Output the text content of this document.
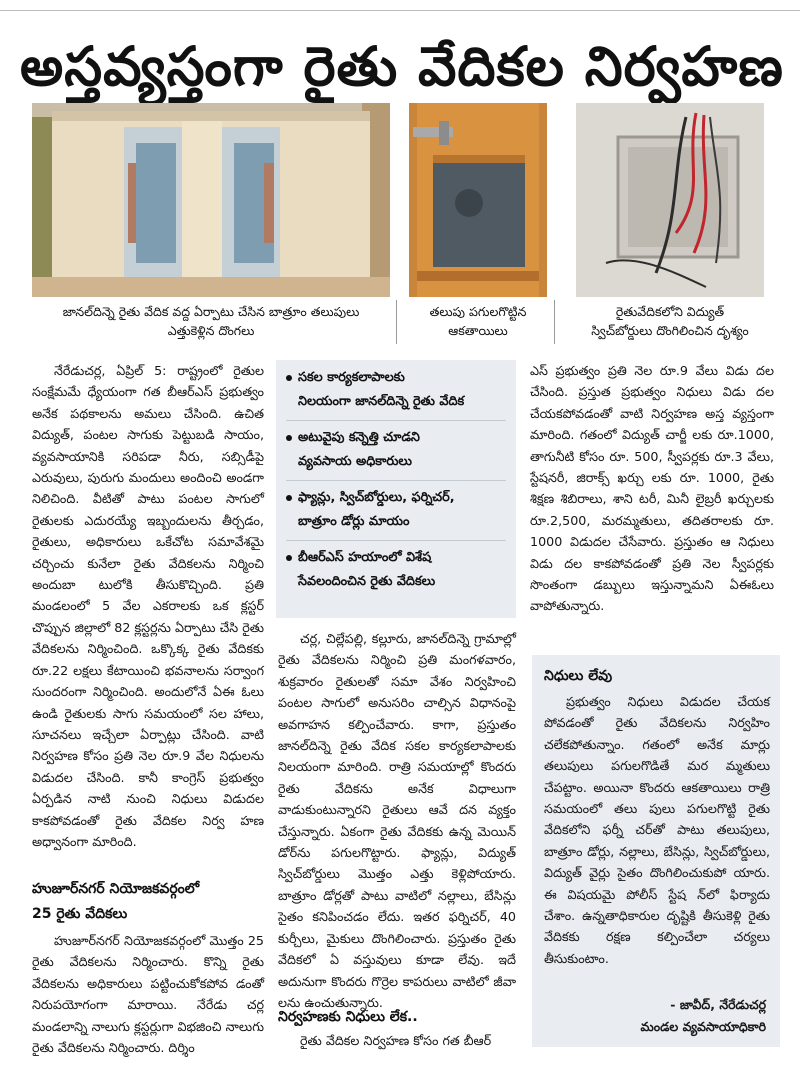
అస్తవ్యస్తంగా రైతు వేదికల నిర్వహణ
జానల్‌దిన్నె రైతు వేదిక వద్ద ఏర్పాటు చేసిన బాత్రూం తలుపులు
ఎత్తుకెళ్లిన దొంగలు
తలుపు పగులగొట్టిన
ఆకతాయిలు
రైతువేదికలోని విద్యుత్
స్విచ్‌బోర్డులు దొంగిలించిన దృశ్యం

నేరేడుచర్ల, ఏప్రిల్ 5: రాష్ట్రంలో రైతుల సంక్షేమమే ధ్యేయంగా గత బీఆర్‌ఎస్ ప్రభుత్వం అనేక పథకాలను అమలు చేసింది. ఉచిత విద్యుత్, పంటల సాగుకు పెట్టుబడి సాయం, వ్యవసాయానికి సరిపడా నీరు, సబ్సిడీపై ఎరువులు, పురుగు మందులు అందించి అండగా నిలిచింది. వీటితో పాటు పంటల సాగులో రైతులకు ఎదురయ్యే ఇబ్బందులను తీర్చడం, రైతులు, అధికారులు ఒకేచోట సమావేశమై చర్చించు కునేలా రైతు వేదికలను నిర్మించి అందుబా టులోకి తీసుకొచ్చింది. ప్రతి మండలంలో 5 వేల ఎకరాలకు ఒక క్లస్టర్ చొప్పున జిల్లాలో 82 క్లస్టర్లను ఏర్పాటు చేసి రైతు వేదికలను నిర్మించింది. ఒక్కొక్క రైతు వేదికకు రూ.22 లక్షలు కేటాయించి భవనాలను సర్వాంగ సుందరంగా నిర్మించింది. అందులోనే ఏఈ ఓలు ఉండి రైతులకు సాగు సమయంలో సల హాలు, సూచనలు ఇచ్చేలా ఏర్పాట్లు చేసింది. వాటి నిర్వహణ కోసం ప్రతి నెల రూ.9 వేల నిధులను విడుదల చేసింది. కానీ కాంగ్రెస్ ప్రభుత్వం ఏర్పడిన నాటి నుంచి నిధులు విడుదల కాకపోవడంతో రైతు వేదికల నిర్వ హణ అధ్వానంగా మారింది.

హుజూర్‌నగర్ నియోజకవర్గంలో
25 రైతు వేదికలు

హుజూర్‌నగర్ నియోజకవర్గంలో మొత్తం 25 రైతు వేదికలను నిర్మించారు. కొన్ని రైతు వేదికలను అధికారులు పట్టించుకోకపోవ డంతో నిరుపయోగంగా మారాయి. నేరేడు చర్ల మండలాన్ని నాలుగు క్లస్టర్లుగా విభజించి నాలుగు రైతు వేదికలను నిర్మించారు. దిర్శిం

సకల కార్యకలాపాలకు
నిలయంగా జానల్‌దిన్నె రైతు వేదిక
అటువైపు కన్నెత్తి చూడని
వ్యవసాయ అధికారులు
ఫ్యాన్లు, స్విచ్‌బోర్డులు, ఫర్నిచర్,
బాత్రూం డోర్లు మాయం
బీఆర్‌ఎస్ హయాంలో విశేష
సేవలందించిన రైతు వేదికలు

చర్ల, చిల్లేపల్లి, కల్లూరు, జానల్‌దిన్నె గ్రామాల్లో రైతు వేదికలను నిర్మించి ప్రతి మంగళవారం, శుక్రవారం రైతులతో సమా వేశం నిర్వహించి పంటల సాగులో అనుసరిం చాల్సిన విధానంపై అవగాహన కల్పించేవారు. కాగా, ప్రస్తుతం జానల్‌దిన్నె రైతు వేదిక సకల కార్యకలాపాలకు నిలయంగా మారింది. రాత్రి సమయాల్లో కొందరు రైతు వేదికను అనేక విధాలుగా వాడుకుంటున్నారని రైతులు ఆవే దన వ్యక్తం చేస్తున్నారు. ఏకంగా రైతు వేదికకు ఉన్న మెయిన్ డోర్‌ను పగులగొట్టారు. ఫ్యాన్లు, విద్యుత్ స్విచ్‌బోర్డులు మొత్తం ఎత్తు కెళ్లిపోయారు. బాత్రూం డోర్లతో పాటు వాటిలో నల్లాలు, బేసిన్లు సైతం కనిపించడం లేదు. ఇతర ఫర్నిచర్, 40 కుర్చీలు, మైకులు దొంగిలించారు. ప్రస్తుతం రైతు వేదికలో ఏ వస్తువులు కూడా లేవు. ఇదే అదునుగా కొందరు గొర్రెల కాపరులు వాటిలో జీవా లను ఉంచుతున్నారు.

నిర్వహణకు నిధులు లేక..

రైతు వేదికల నిర్వహణ కోసం గత బీఆర్

ఎస్ ప్రభుత్వం ప్రతి నెల రూ.9 వేలు విడు దల చేసింది. ప్రస్తుత ప్రభుత్వం నిధులు విడు దల చేయకపోవడంతో వాటి నిర్వహణ అస్త వ్యస్తంగా మారింది. గతంలో విద్యుత్ చార్జీ లకు రూ.1000, తాగునీటి కోసం రూ. 500, స్వీపర్లకు రూ.3 వేలు, స్టేషనరీ, జిరాక్స్ ఖర్చు లకు రూ. 1000, రైతు శిక్షణ శిబిరాలు, శాని టరీ, మినీ లైబ్రరీ ఖర్చులకు రూ.2,500, మరమ్మతులు, తదితరాలకు రూ. 1000 విడుదల చేసేవారు. ప్రస్తుతం ఆ నిధులు విడు దల కాకపోవడంతో ప్రతి నెల స్వీపర్లకు సొంతంగా డబ్బులు ఇస్తున్నామని ఏఈఓలు వాపోతున్నారు.

నిధులు లేవు

ప్రభుత్వం నిధులు విడుదల చేయక పోవడంతో రైతు వేదికలను నిర్వహిం చలేకపోతున్నాం. గతంలో అనేక మార్లు తలుపులు పగులగొడితే మర మ్మతులు చేపట్టాం. అయినా కొందరు ఆకతాయిలు రాత్రి సమయంలో తలు పులు పగులగొట్టి రైతు వేదికలోని ఫర్నీ చర్‌తో పాటు తలుపులు, బాత్రూం డోర్లు, నల్లాలు, బేసిన్లు, స్విచ్‌బోర్డులు, విద్యుత్ వైర్లు సైతం దొంగిలించుకుపో యారు. ఈ విషయమై పోలీస్ స్టేష న్‌లో ఫిర్యాదు చేశాం. ఉన్నతాధికారుల దృష్టికి తీసుకెళ్లి రైతు వేదికకు రక్షణ కల్పించేలా చర్యలు తీసుకుంటాం.

- జావీద్, నేరేడుచర్ల
మండల వ్యవసాయాధికారి
